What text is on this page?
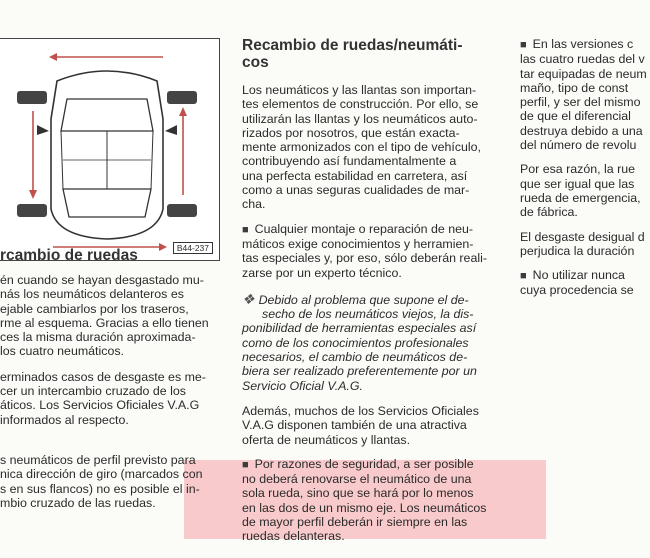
B44-237
rcambio de ruedas
én cuando se hayan desgastado mu-
nás los neumáticos delanteros es
ejable cambiarlos por los traseros,
rme al esquema. Gracias a ello tienen
ces la misma duración aproximada-
los cuatro neumáticos.
erminados casos de desgaste es me-
cer un intercambio cruzado de los
áticos. Los Servicios Oficiales V.A.G
informados al respecto.
s neumáticos de perfil previsto para
nica dirección de giro (marcados con
s en sus flancos) no es posible el in-
mbio cruzado de las ruedas.
Recambio de ruedas/neumáti-
cos
Los neumáticos y las llantas son importan-
tes elementos de construcción. Por ello, se
utilizarán las llantas y los neumáticos auto-
rizados por nosotros, que están exacta-
mente armonizados con el tipo de vehículo,
contribuyendo así fundamentalmente a
una perfecta estabilidad en carretera, así
como a unas seguras cualidades de mar-
cha.
■ Cualquier montaje o reparación de neu-
máticos exige conocimientos y herramien-
tas especiales y, por eso, sólo deberán reali-
zarse por un experto técnico.
❖ Debido al problema que supone el de-
secho de los neumáticos viejos, la dis-
ponibilidad de herramientas especiales así
como de los conocimientos profesionales
necesarios, el cambio de neumáticos de-
biera ser realizado preferentemente por un
Servicio Oficial V.A.G.
Además, muchos de los Servicios Oficiales
V.A.G disponen también de una atractiva
oferta de neumáticos y llantas.
■ Por razones de seguridad, a ser posible
no deberá renovarse el neumático de una
sola rueda, sino que se hará por lo menos
en las dos de un mismo eje. Los neumáticos
de mayor perfil deberán ir siempre en las
ruedas delanteras.
■ En las versiones c
las cuatro ruedas del v
tar equipadas de neum
maño, tipo de const
perfil, y ser del mismo
de que el diferencial
destruya debido a una
del número de revolu
Por esa razón, la rue
que ser igual que las
rueda de emergencia,
de fábrica.
El desgaste desigual d
perjudica la duración
■ No utilizar nunca
cuya procedencia se
